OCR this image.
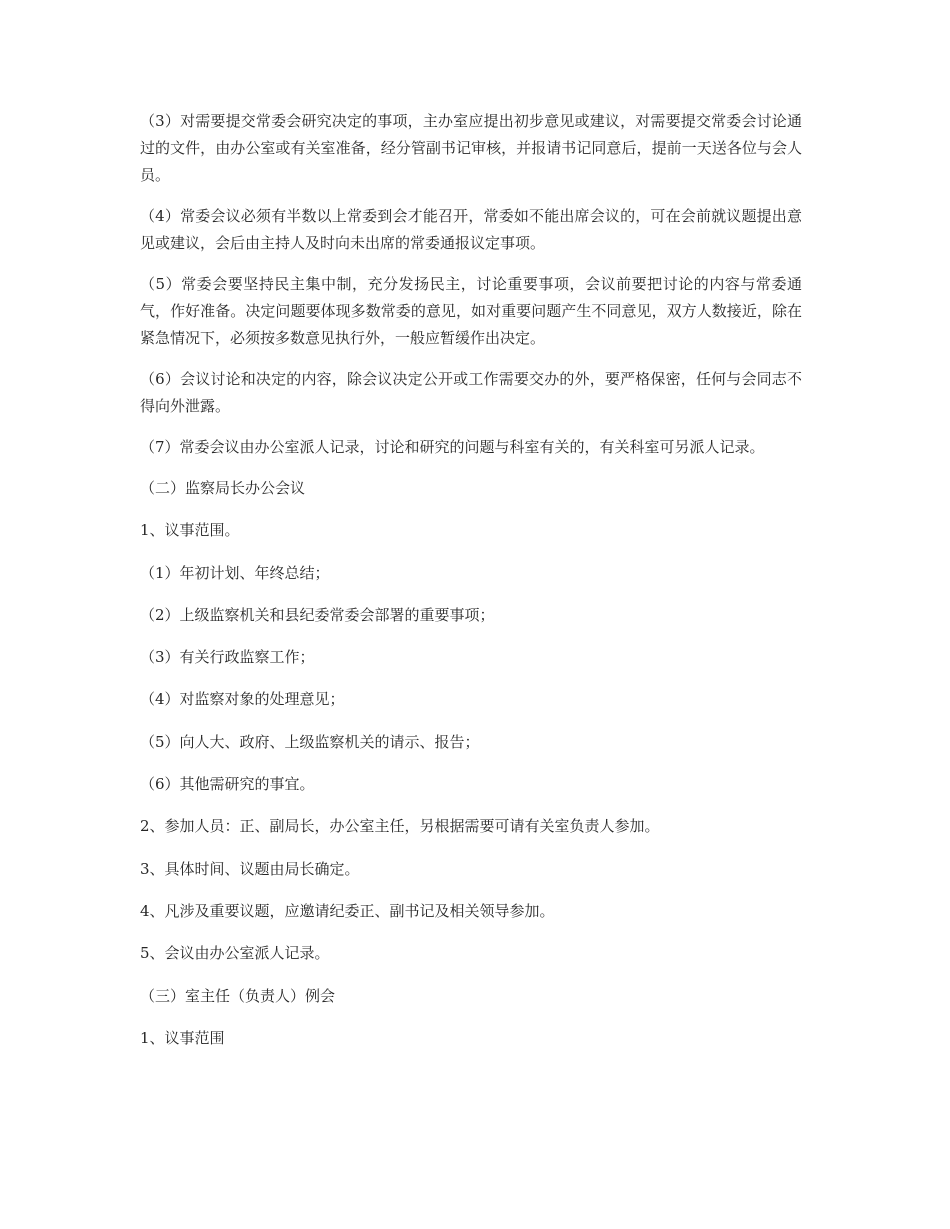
（3）对需要提交常委会研究决定的事项，主办室应提出初步意见或建议，对需要提交常委会讨论通过的文件，由办公室或有关室准备，经分管副书记审核，并报请书记同意后，提前一天送各位与会人员。

（4）常委会议必须有半数以上常委到会才能召开，常委如不能出席会议的，可在会前就议题提出意见或建议，会后由主持人及时向未出席的常委通报议定事项。

（5）常委会要坚持民主集中制，充分发扬民主，讨论重要事项，会议前要把讨论的内容与常委通气，作好准备。决定问题要体现多数常委的意见，如对重要问题产生不同意见，双方人数接近，除在紧急情况下，必须按多数意见执行外，一般应暂缓作出决定。

（6）会议讨论和决定的内容，除会议决定公开或工作需要交办的外，要严格保密，任何与会同志不得向外泄露。

（7）常委会议由办公室派人记录，讨论和研究的问题与科室有关的，有关科室可另派人记录。

（二）监察局长办公会议
1、议事范围。
（1）年初计划、年终总结；
（2）上级监察机关和县纪委常委会部署的重要事项；
（3）有关行政监察工作；
（4）对监察对象的处理意见；
（5）向人大、政府、上级监察机关的请示、报告；
（6）其他需研究的事宜。
2、参加人员：正、副局长，办公室主任，另根据需要可请有关室负责人参加。
3、具体时间、议题由局长确定。
4、凡涉及重要议题，应邀请纪委正、副书记及相关领导参加。
5、会议由办公室派人记录。
（三）室主任（负责人）例会
1、议事范围
